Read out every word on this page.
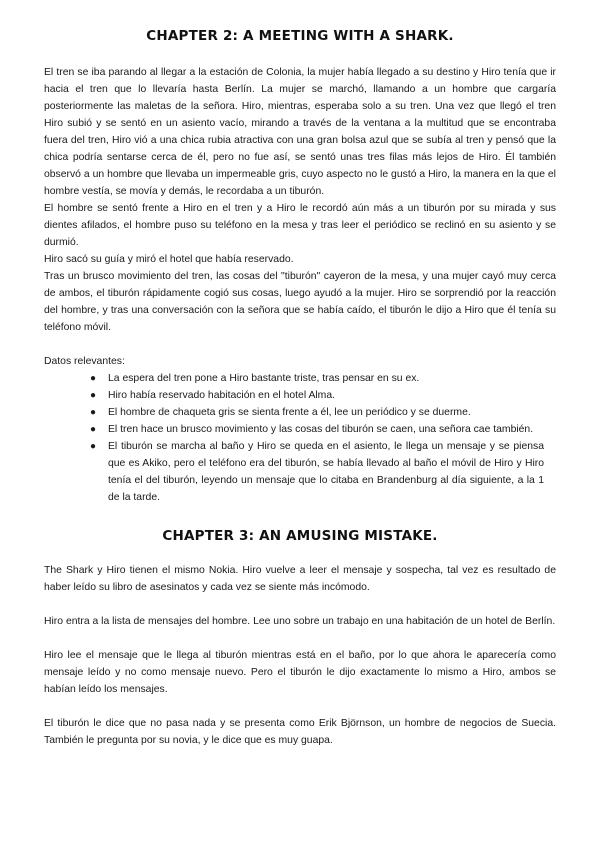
CHAPTER 2: A MEETING WITH A SHARK.

El tren se iba parando al llegar a la estación de Colonia, la mujer había llegado a su destino y Hiro tenía que ir hacia el tren que lo llevaría hasta Berlín. La mujer se marchó, llamando a un hombre que cargaría posteriormente las maletas de la señora. Hiro, mientras, esperaba solo a su tren. Una vez que llegó el tren Hiro subió y se sentó en un asiento vacío, mirando a través de la ventana a la multitud que se encontraba fuera del tren, Hiro vió a una chica rubia atractiva con una gran bolsa azul que se subía al tren y pensó que la chica podría sentarse cerca de él, pero no fue así, se sentó unas tres filas más lejos de Hiro. Él también observó a un hombre que llevaba un impermeable gris, cuyo aspecto no le gustó a Hiro, la manera en la que el hombre vestía, se movía y demás, le recordaba a un tiburón.

El hombre se sentó frente a Hiro en el tren y a Hiro le recordó aún más a un tiburón por su mirada y sus dientes afilados, el hombre puso su teléfono en la mesa y tras leer el periódico se reclinó en su asiento y se durmió.

Hiro sacó su guía y miró el hotel que había reservado.

Tras un brusco movimiento del tren, las cosas del "tiburón" cayeron de la mesa, y una mujer cayó muy cerca de ambos, el tiburón rápidamente cogió sus cosas, luego ayudó a la mujer. Hiro se sorprendió por la reacción del hombre, y tras una conversación con la señora que se había caído, el tiburón le dijo a Hiro que él tenía su teléfono móvil.

Datos relevantes:

● La espera del tren pone a Hiro bastante triste, tras pensar en su ex.
● Hiro había reservado habitación en el hotel Alma.
● El hombre de chaqueta gris se sienta frente a él, lee un periódico y se duerme.
● El tren hace un brusco movimiento y las cosas del tiburón se caen, una señora cae también.
● El tiburón se marcha al baño y Hiro se queda en el asiento, le llega un mensaje y se piensa que es Akiko, pero el teléfono era del tiburón, se había llevado al baño el móvil de Hiro y Hiro tenía el del tiburón, leyendo un mensaje que lo citaba en Brandenburg al día siguiente, a la 1 de la tarde.
CHAPTER 3: AN AMUSING MISTAKE.

The Shark y Hiro tienen el mismo Nokia. Hiro vuelve a leer el mensaje y sospecha, tal vez es resultado de haber leído su libro de asesinatos y cada vez se siente más incómodo.

Hiro entra a la lista de mensajes del hombre. Lee uno sobre un trabajo en una habitación de un hotel de Berlín.

Hiro lee el mensaje que le llega al tiburón mientras está en el baño, por lo que ahora le aparecería como mensaje leído y no como mensaje nuevo. Pero el tiburón le dijo exactamente lo mismo a Hiro, ambos se habían leído los mensajes.

El tiburón le dice que no pasa nada y se presenta como Erik Björnson, un hombre de negocios de Suecia. También le pregunta por su novia, y le dice que es muy guapa.
